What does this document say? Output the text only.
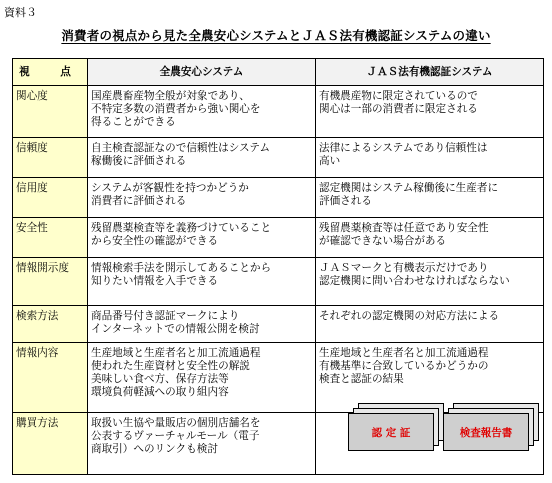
資料３
消費者の視点から見た全農安心システムとＪＡＳ法有機認証システムの違い
視　点	全農安心システム	ＪＡＳ法有機認証システム
関心度	国産農畜産物全般が対象であり、
不特定多数の消費者から強い関心を
得ることができる	有機農産物に限定されているので
関心は一部の消費者に限定される

信頼度	自主検査認証なので信頼性はシステム
稼働後に評価される	法律によるシステムであり信頼性は
高い

信用度	システムが客観性を持つかどうか
消費者に評価される	認定機関はシステム稼働後に生産者に
評価される

安全性	残留農薬検査等を義務づけていること
から安全性の確認ができる	残留農薬検査等は任意であり安全性
が確認できない場合がある

情報開示度	情報検索手法を開示してあることから
知りたい情報を入手できる	ＪＡＳマークと有機表示だけであり
認定機関に問い合わせなければならない

検索方法	商品番号付き認証マークにより
インターネットでの情報公開を検討	それぞれの認定機関の対応方法による

情報内容	生産地域と生産者名と加工流通過程
使われた生産資材と安全性の解説
美味しい食べ方、保存方法等
環境負荷軽減への取り組内容	生産地域と生産者名と加工流通過程
有機基準に合致しているかどうかの
検査と認証の結果

購買方法	取扱い生協や量販店の個別店舗名を
公表するヴァーチャルモール（電子
商取引）へのリンクも検討	

認 定 証	検査報告書
